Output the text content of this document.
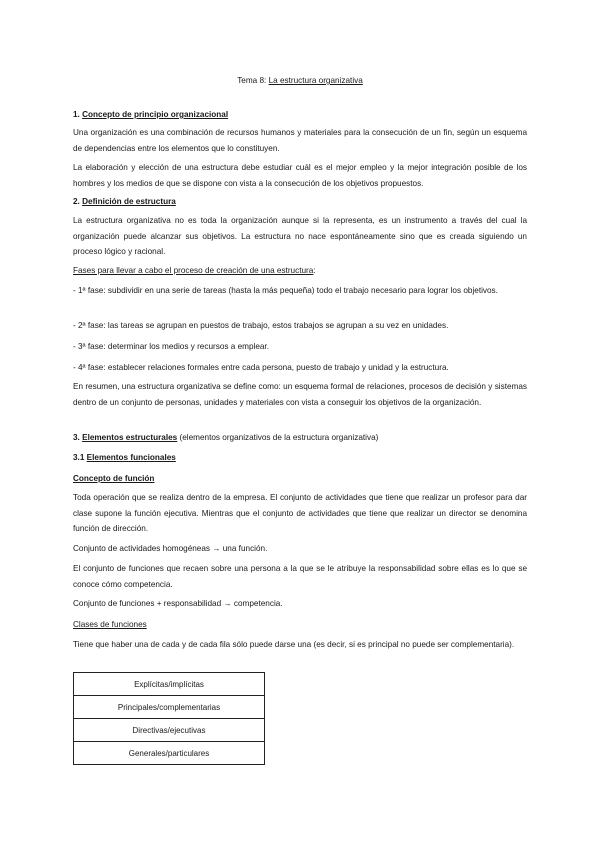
Tema 8: La estructura organizativa

1. Concepto de principio organizacional

Una organización es una combinación de recursos humanos y materiales para la consecución de un fin, según un esquema de dependencias entre los elementos que lo constituyen.

La elaboración y elección de una estructura debe estudiar cuál es el mejor empleo y la mejor integración posible de los hombres y los medios de que se dispone con vista a la consecución de los objetivos propuestos.

2. Definición de estructura

La estructura organizativa no es toda la organización aunque si la representa, es un instrumento a través del cual la organización puede alcanzar sus objetivos. La estructura no nace espontáneamente sino que es creada siguiendo un proceso lógico y racional.

Fases para llevar a cabo el proceso de creación de una estructura:

- 1ª fase: subdividir en una serie de tareas (hasta la más pequeña) todo el trabajo necesario para lograr los objetivos.

- 2ª fase: las tareas se agrupan en puestos de trabajo, estos trabajos se agrupan a su vez en unidades.

- 3ª fase: determinar los medios y recursos a emplear.

- 4ª fase: establecer relaciones formales entre cada persona, puesto de trabajo y unidad y la estructura.

En resumen, una estructura organizativa se define como: un esquema formal de relaciones, procesos de decisión y sistemas dentro de un conjunto de personas, unidades y materiales con vista a conseguir los objetivos de la organización.

3. Elementos estructurales (elementos organizativos de la estructura organizativa)

3.1 Elementos funcionales

Concepto de función

Toda operación que se realiza dentro de la empresa. El conjunto de actividades que tiene que realizar un profesor para dar clase supone la función ejecutiva. Mientras que el conjunto de actividades que tiene que realizar un director se denomina función de dirección.

Conjunto de actividades homogéneas → una función.

El conjunto de funciones que recaen sobre una persona a la que se le atribuye la responsabilidad sobre ellas es lo que se conoce cómo competencia.

Conjunto de funciones + responsabilidad → competencia.

Clases de funciones

Tiene que haber una de cada y de cada fila sólo puede darse una (es decir, si es principal no puede ser complementaria).

Explícitas/implícitas
Principales/complementarias
Directivas/ejecutivas
Generales/particulares
